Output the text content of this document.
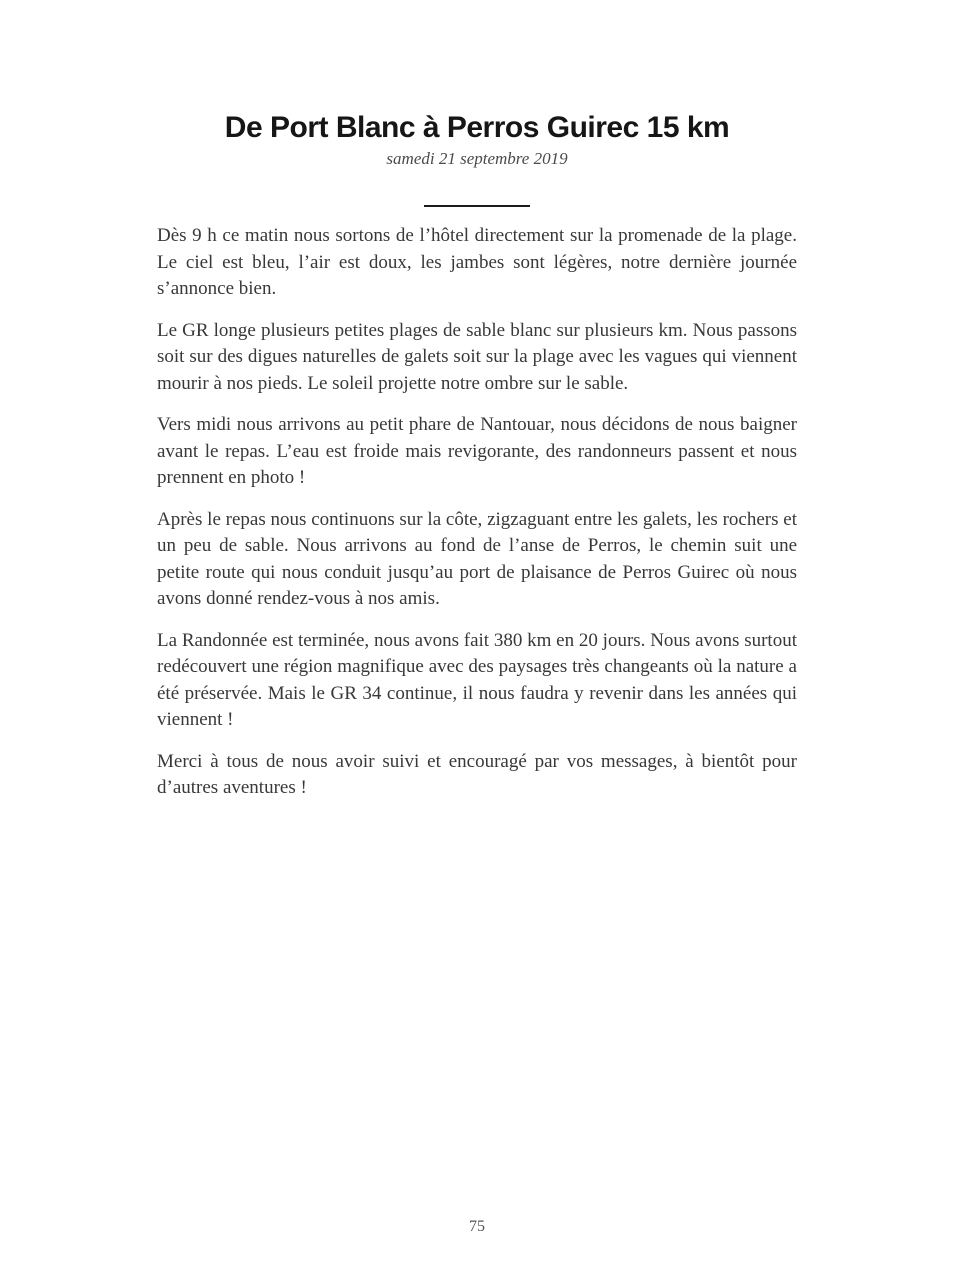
De Port Blanc à Perros Guirec 15 km
samedi 21 septembre 2019

Dès 9 h ce matin nous sortons de l’hôtel directement sur la promenade de la plage. Le ciel est bleu, l’air est doux, les jambes sont légères, notre dernière journée s’annonce bien.

Le GR longe plusieurs petites plages de sable blanc sur plusieurs km. Nous passons soit sur des digues naturelles de galets soit sur la plage avec les vagues qui viennent mourir à nos pieds. Le soleil projette notre ombre sur le sable.

Vers midi nous arrivons au petit phare de Nantouar, nous décidons de nous baigner avant le repas. L’eau est froide mais revigorante, des randonneurs passent et nous prennent en photo !

Après le repas nous continuons sur la côte, zigzaguant entre les galets, les rochers et un peu de sable. Nous arrivons au fond de l’anse de Perros, le chemin suit une petite route qui nous conduit jusqu’au port de plaisance de Perros Guirec où nous avons donné rendez-vous à nos amis.

La Randonnée est terminée, nous avons fait 380 km en 20 jours. Nous avons surtout redécouvert une région magnifique avec des paysages très changeants où la nature a été préservée. Mais le GR 34 continue, il nous faudra y revenir dans les années qui viennent !

Merci à tous de nous avoir suivi et encouragé par vos messages, à bientôt pour d’autres aventures !

75
